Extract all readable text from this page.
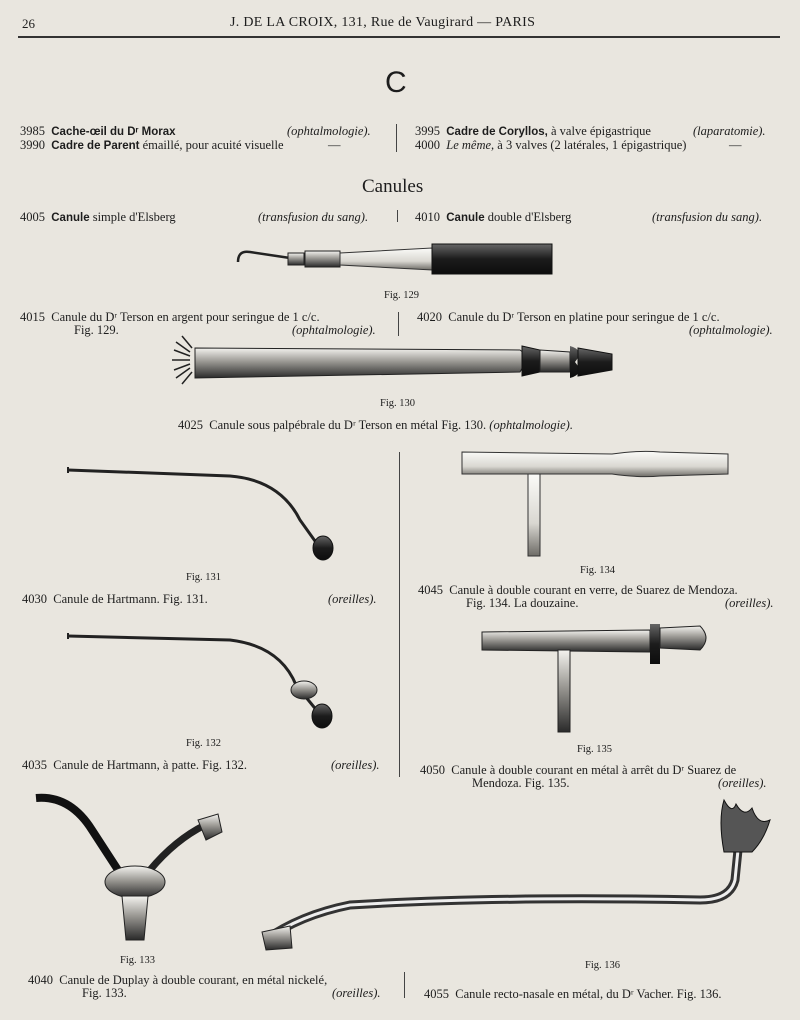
26	J. DE LA CROIX, 131, Rue de Vaugirard — PARIS
C
3985 Cache-œil du Dʳ Morax	(ophtalmologie).
3990 Cadre de Parent émaillé, pour acuité visuelle	—
3995 Cadre de Coryllos, à valve épigastrique	(laparatomie).
4000 Le même, à 3 valves (2 latérales, 1 épigastrique)	—
Canules
4005 Canule simple d'Elsberg	(transfusion du sang).	4010 Canule double d'Elsberg	(transfusion du sang).
Fig. 129
4015 Canule du Dʳ Terson en argent pour seringue de 1 c/c.
Fig. 129.	(ophtalmologie).
4020 Canule du Dʳ Terson en platine pour seringue de 1 c/c.
(ophtalmologie).
Fig. 130
4025 Canule sous palpébrale du Dʳ Terson en métal Fig. 130. (ophtalmologie).
Fig. 131
4030 Canule de Hartmann. Fig. 131.	(oreilles).
Fig. 134
4045 Canule à double courant en verre, de Suarez de Mendoza.
Fig. 134. La douzaine.	(oreilles).
Fig. 132
4035 Canule de Hartmann, à patte. Fig. 132.	(oreilles).
Fig. 135
4050 Canule à double courant en métal à arrêt du Dʳ Suarez de
Mendoza. Fig. 135.	(oreilles).
Fig. 133
4040 Canule de Duplay à double courant, en métal nickelé,
Fig. 133.	(oreilles).
Fig. 136
4055 Canule recto-nasale en métal, du Dʳ Vacher. Fig. 136.
